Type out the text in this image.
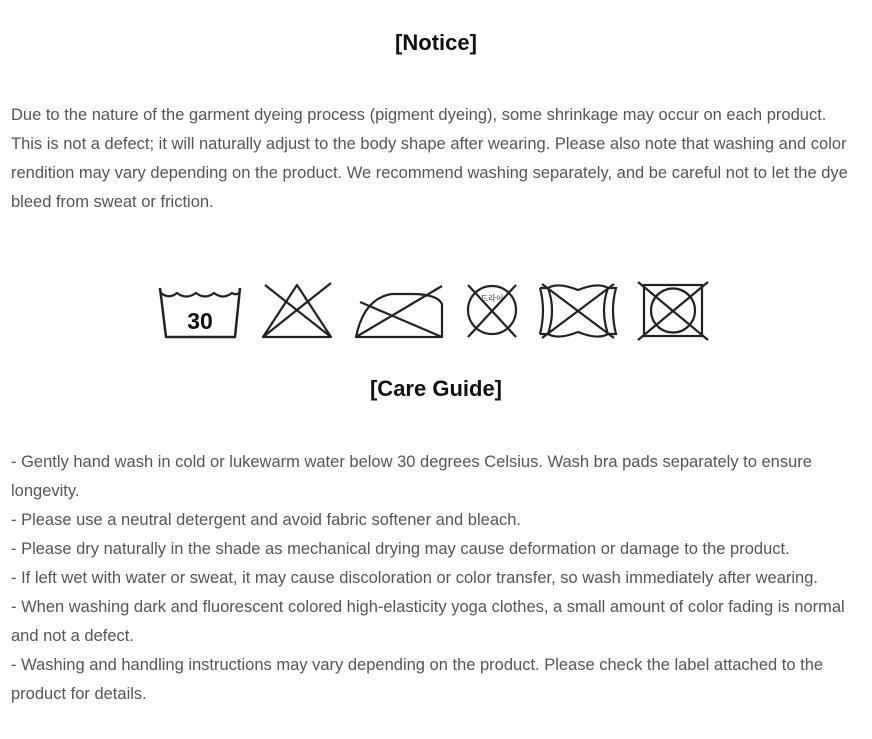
[Notice]

Due to the nature of the garment dyeing process (pigment dyeing), some shrinkage may occur on each product. This is not a defect; it will naturally adjust to the body shape after wearing. Please also note that washing and color rendition may vary depending on the product. We recommend washing separately, and be careful not to let the dye bleed from sweat or friction.

30
드라이
[Care Guide]
- Gently hand wash in cold or lukewarm water below 30 degrees Celsius. Wash bra pads separately to ensure longevity.
- Please use a neutral detergent and avoid fabric softener and bleach.
- Please dry naturally in the shade as mechanical drying may cause deformation or damage to the product.
- If left wet with water or sweat, it may cause discoloration or color transfer, so wash immediately after wearing.
- When washing dark and fluorescent colored high-elasticity yoga clothes, a small amount of color fading is normal and not a defect.
- Washing and handling instructions may vary depending on the product. Please check the label attached to the product for details.
